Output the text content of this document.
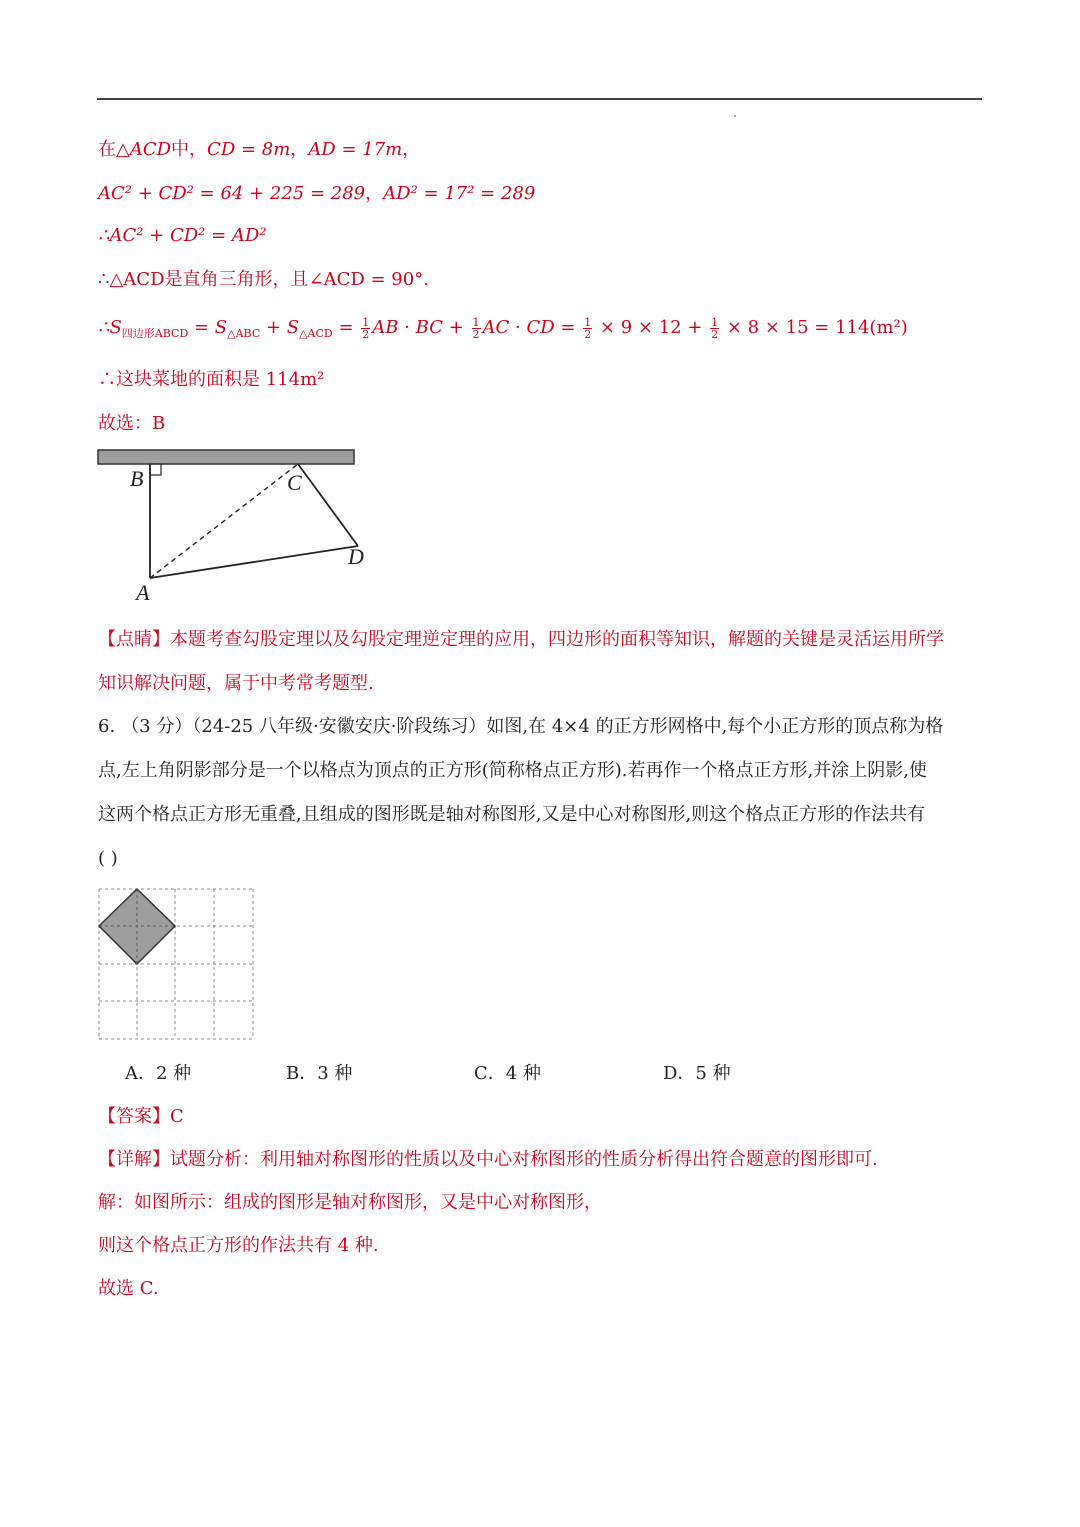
在△ACD中，CD = 8m，AD = 17m，
AC² + CD² = 64 + 225 = 289，AD² = 17² = 289
∴AC² + CD² = AD²
∴△ACD是直角三角形，且∠ACD = 90°.
$\therefore S_{四边形ABCD} = S_{\triangle ABC} + S_{\triangle ACD} = \frac{1}{2}$ AB · BC + $\frac{1}{2}$ AC · CD = $\frac{1}{2} \times 9 \times 12 + \frac{1}{2} \times 8 \times 15 = 114(m^2)$
∴这块菜地的面积是 114m²
故选：B
B	C
D
A
【点睛】本题考查勾股定理以及勾股定理逆定理的应用，四边形的面积等知识，解题的关键是灵活运用所学
知识解决问题，属于中考常考题型.
6. （3 分）（24-25 八年级·安徽安庆·阶段练习）如图,在 4×4 的正方形网格中,每个小正方形的顶点称为格
点,左上角阴影部分是一个以格点为顶点的正方形(简称格点正方形).若再作一个格点正方形,并涂上阴影,使
这两个格点正方形无重叠,且组成的图形既是轴对称图形,又是中心对称图形,则这个格点正方形的作法共有
( )
A．2 种	B．3 种	C．4 种	D．5 种
【答案】C
【详解】试题分析：利用轴对称图形的性质以及中心对称图形的性质分析得出符合题意的图形即可.
解：如图所示：组成的图形是轴对称图形，又是中心对称图形，
则这个格点正方形的作法共有 4 种.
故选 C.
